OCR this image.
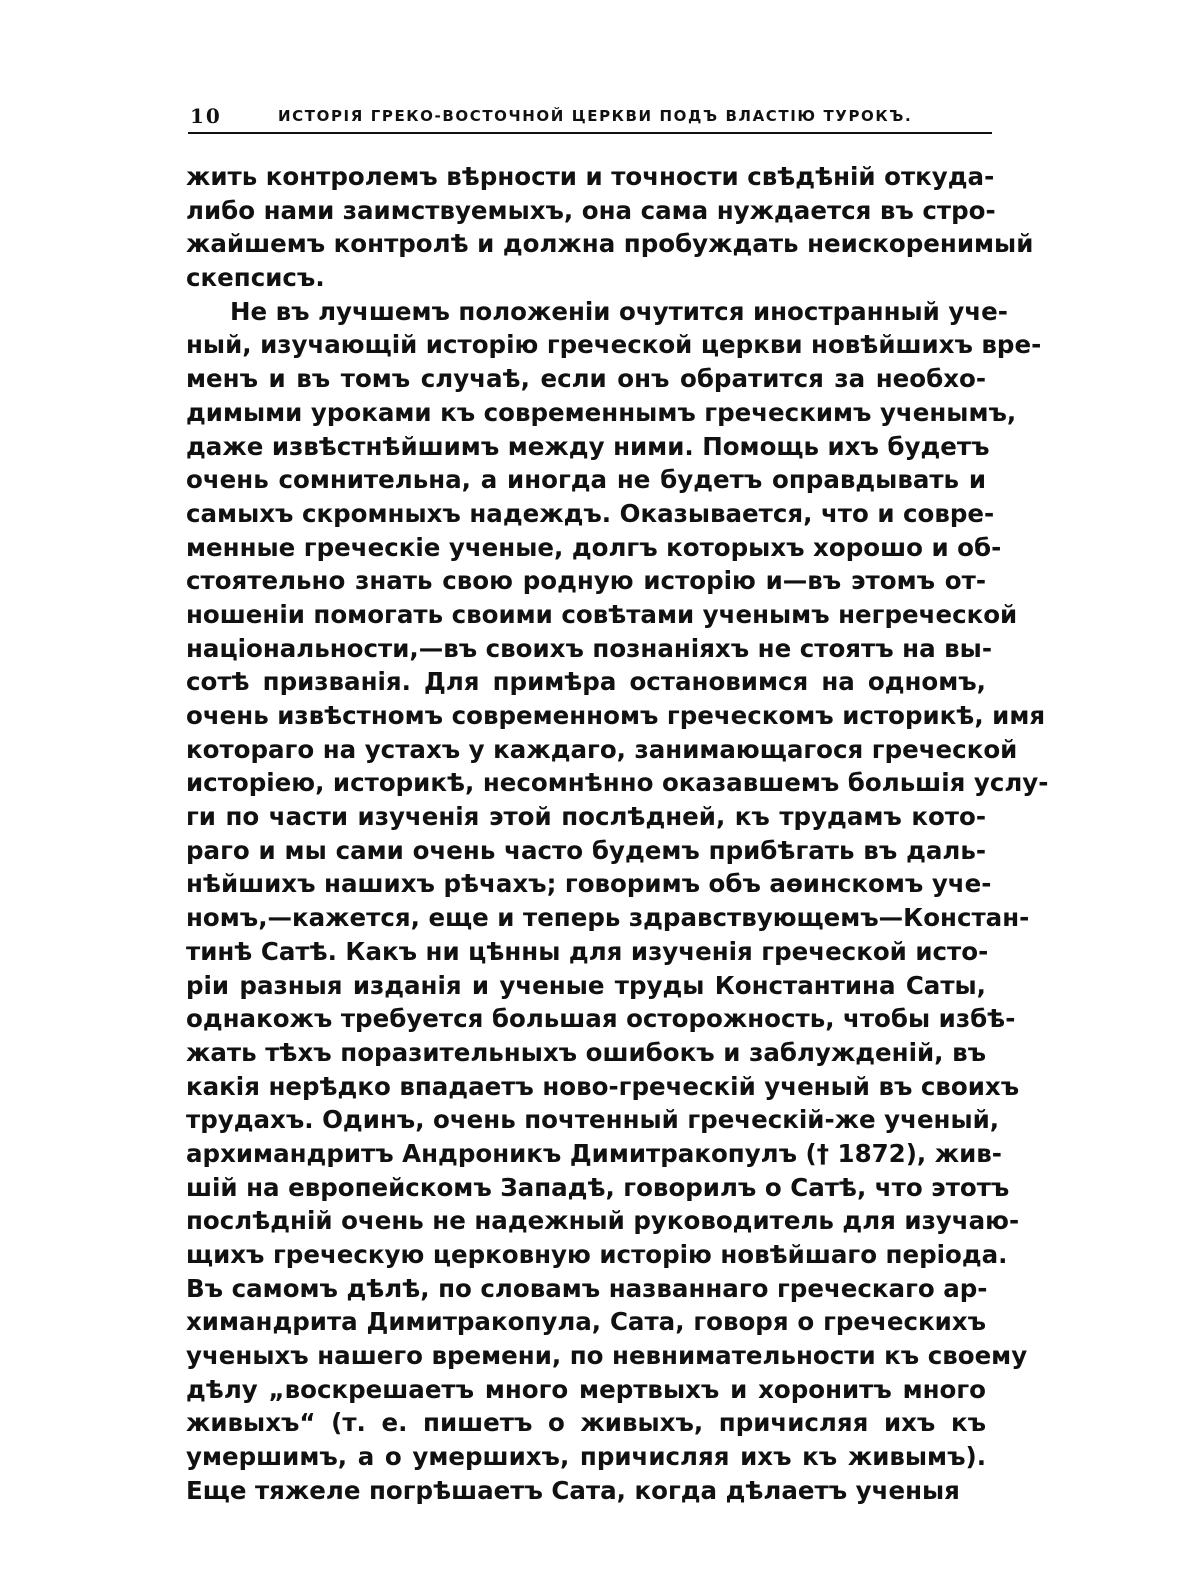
10	ИСТОРІЯ ГРЕКО-ВОСТОЧНОЙ ЦЕРКВИ ПОДЪ ВЛАСТІЮ ТУРОКЪ.
жить контролемъ вѣрности и точности свѣдѣній откуда-
либо нами заимствуемыхъ, она сама нуждается въ стро-
жайшемъ контролѣ и должна пробуждать неискоренимый
скепсисъ.
Не въ лучшемъ положеніи очутится иностранный уче-
ный, изучающій исторію греческой церкви новѣйшихъ вре-
менъ и въ томъ случаѣ, если онъ обратится за необхо-
димыми уроками къ современнымъ греческимъ ученымъ,
даже извѣстнѣйшимъ между ними. Помощь ихъ будетъ
очень сомнительна, а иногда не будетъ оправдывать и
самыхъ скромныхъ надеждъ. Оказывается, что и совре-
менные греческіе ученые, долгъ которыхъ хорошо и об-
стоятельно знать свою родную исторію и—въ этомъ от-
ношеніи помогать своими совѣтами ученымъ негреческой
національности,—въ своихъ познаніяхъ не стоятъ на вы-
сотѣ призванія. Для примѣра остановимся на одномъ,
очень извѣстномъ современномъ греческомъ историкѣ, имя
котораго на устахъ у каждаго, занимающагося греческой
исторіею, историкѣ, несомнѣнно оказавшемъ большія услу-
ги по части изученія этой послѣдней, къ трудамъ кото-
раго и мы сами очень часто будемъ прибѣгать въ даль-
нѣйшихъ нашихъ рѣчахъ; говоримъ объ аѳинскомъ уче-
номъ,—кажется, еще и теперь здравствующемъ—Констан-
тинѣ Сатѣ. Какъ ни цѣнны для изученія греческой исто-
ріи разныя изданія и ученые труды Константина Саты,
однакожъ требуется большая осторожность, чтобы избѣ-
жать тѣхъ поразительныхъ ошибокъ и заблужденій, въ
какія нерѣдко впадаетъ ново-греческій ученый въ своихъ
трудахъ. Одинъ, очень почтенный греческій-же ученый,
архимандритъ Андроникъ Димитракопулъ († 1872), жив-
шій на европейскомъ Западѣ, говорилъ о Сатѣ, что этотъ
послѣдній очень не надежный руководитель для изучаю-
щихъ греческую церковную исторію новѣйшаго періода.
Въ самомъ дѣлѣ, по словамъ названнаго греческаго ар-
химандрита Димитракопула, Сата, говоря о греческихъ
ученыхъ нашего времени, по невнимательности къ своему
дѣлу „воскрешаетъ много мертвыхъ и хоронитъ много
живыхъ“ (т. е. пишетъ о живыхъ, причисляя ихъ къ
умершимъ, а о умершихъ, причисляя ихъ къ живымъ).
Еще тяжеле погрѣшаетъ Сата, когда дѣлаетъ ученыя
